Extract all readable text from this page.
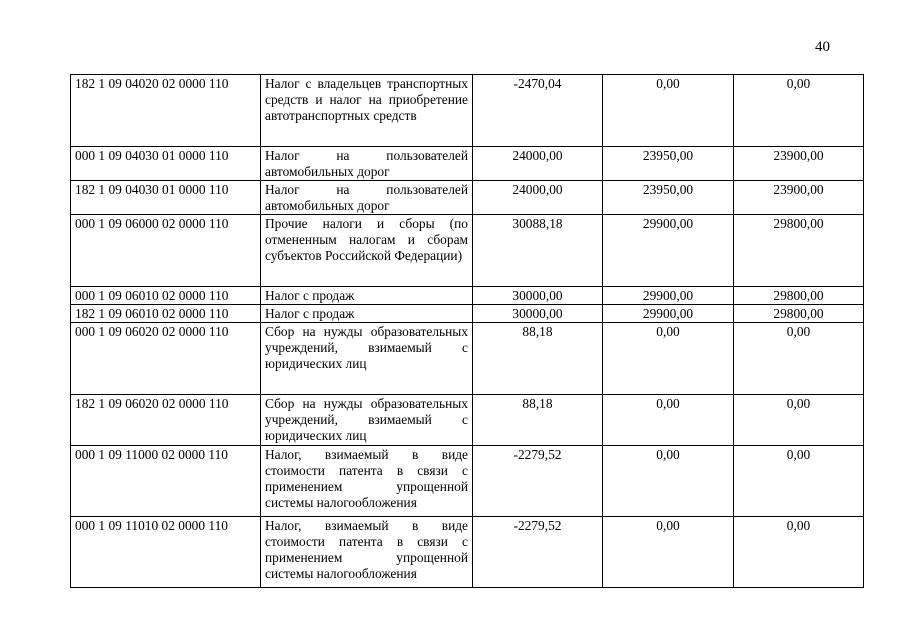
40
182 1 09 04020 02 0000 110	Налог с владельцев транспортных средств и налог на приобретение автотранспортных средств	-2470,04	0,00	0,00
000 1 09 04030 01 0000 110	Налог на пользователей автомобильных дорог	24000,00	23950,00	23900,00
182 1 09 04030 01 0000 110	Налог на пользователей автомобильных дорог	24000,00	23950,00	23900,00
000 1 09 06000 02 0000 110	Прочие налоги и сборы (по отмененным налогам и сборам субъектов Российской Федерации)	30088,18	29900,00	29800,00
000 1 09 06010 02 0000 110	Налог с продаж	30000,00	29900,00	29800,00
182 1 09 06010 02 0000 110	Налог с продаж	30000,00	29900,00	29800,00
000 1 09 06020 02 0000 110	Сбор на нужды образовательных учреждений, взимаемый с юридических лиц	88,18	0,00	0,00
182 1 09 06020 02 0000 110	Сбор на нужды образовательных учреждений, взимаемый с юридических лиц	88,18	0,00	0,00
000 1 09 11000 02 0000 110	Налог, взимаемый в виде стоимости патента в связи с применением упрощенной системы налогообложения	-2279,52	0,00	0,00
000 1 09 11010 02 0000 110	Налог, взимаемый в виде стоимости патента в связи с применением упрощенной системы налогообложения	-2279,52	0,00	0,00
